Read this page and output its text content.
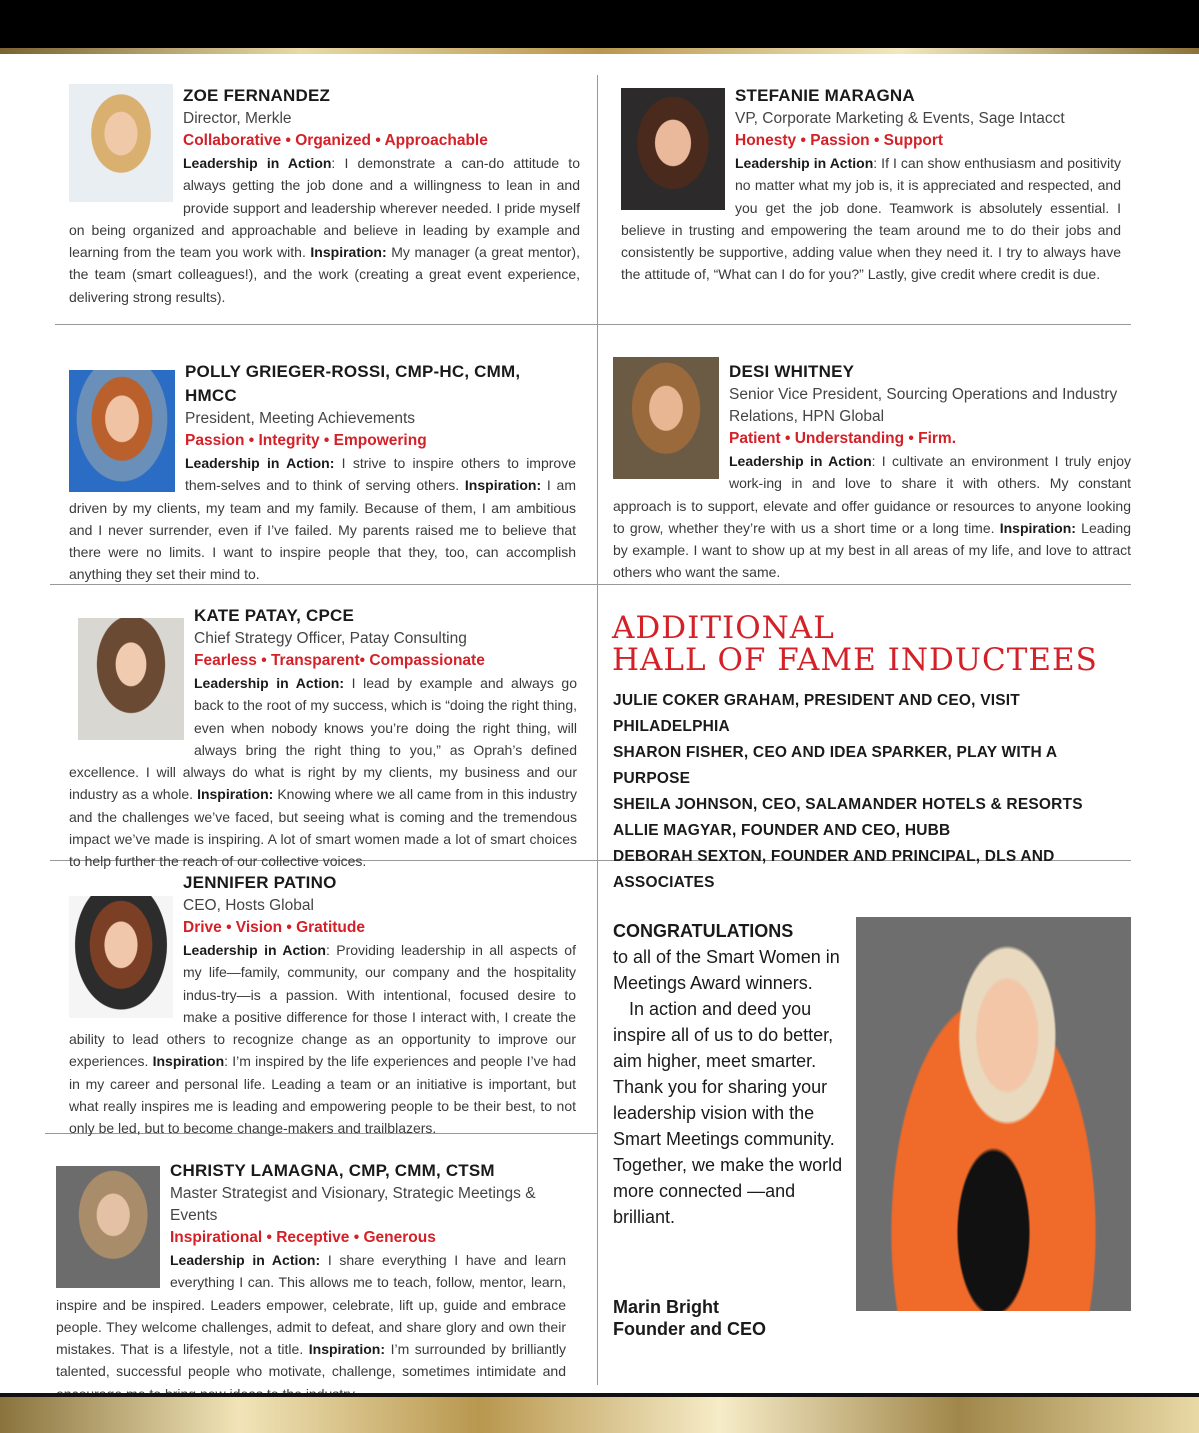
ZOE FERNANDEZ
Director, Merkle
Collaborative • Organized • Approachable
Leadership in Action: I demonstrate a can-do attitude to always getting the job done and a willingness to lean in and provide support and leadership wherever needed. I pride myself on being organized and approachable and believe in leading by example and learning from the team you work with. Inspiration: My manager (a great mentor), the team (smart colleagues!), and the work (creating a great event experience, delivering strong results).
STEFANIE MARAGNA
VP, Corporate Marketing & Events, Sage Intacct
Honesty • Passion • Support
Leadership in Action: If I can show enthusiasm and positivity no matter what my job is, it is appreciated and respected, and you get the job done. Teamwork is absolutely essential. I believe in trusting and empowering the team around me to do their jobs and consistently be supportive, adding value when they need it. I try to always have the attitude of, “What can I do for you?” Lastly, give credit where credit is due.
POLLY GRIEGER-ROSSI, CMP-HC, CMM, HMCC
President, Meeting Achievements
Passion • Integrity • Empowering
Leadership in Action: I strive to inspire others to improve them-selves and to think of serving others. Inspiration: I am driven by my clients, my team and my family. Because of them, I am ambitious and I never surrender, even if I’ve failed. My parents raised me to believe that there were no limits. I want to inspire people that they, too, can accomplish anything they set their mind to.
DESI WHITNEY
Senior Vice President, Sourcing Operations and Industry Relations, HPN Global
Patient • Understanding • Firm.
Leadership in Action: I cultivate an environment I truly enjoy work-ing in and love to share it with others. My constant approach is to support, elevate and offer guidance or resources to anyone looking to grow, whether they’re with us a short time or a long time. Inspiration: Leading by example. I want to show up at my best in all areas of my life, and love to attract others who want the same.
KATE PATAY, CPCE
Chief Strategy Officer, Patay Consulting
Fearless • Transparent• Compassionate
Leadership in Action: I lead by example and always go back to the root of my success, which is “doing the right thing, even when nobody knows you’re doing the right thing, will always bring the right thing to you,” as Oprah’s defined excellence. I will always do what is right by my clients, my business and our industry as a whole. Inspiration: Knowing where we all came from in this industry and the challenges we’ve faced, but seeing what is coming and the tremendous impact we’ve made is inspiring. A lot of smart women made a lot of smart choices to help further the reach of our collective voices.
JENNIFER PATINO
CEO, Hosts Global
Drive • Vision • Gratitude
Leadership in Action: Providing leadership in all aspects of my life—family, community, our company and the hospitality indus-try—is a passion. With intentional, focused desire to make a positive difference for those I interact with, I create the ability to lead others to recognize change as an opportunity to improve our experiences. Inspiration: I’m inspired by the life experiences and people I’ve had in my career and personal life. Leading a team or an initiative is important, but what really inspires me is leading and empowering people to be their best, to not only be led, but to become change-makers and trailblazers.
CHRISTY LAMAGNA, CMP, CMM, CTSM
Master Strategist and Visionary, Strategic Meetings & Events
Inspirational • Receptive • Generous
Leadership in Action: I share everything I have and learn everything I can. This allows me to teach, follow, mentor, learn, inspire and be inspired. Leaders empower, celebrate, lift up, guide and embrace people. They welcome challenges, admit to defeat, and share glory and own their mistakes. That is a lifestyle, not a title. Inspiration: I’m surrounded by brilliantly talented, successful people who motivate, challenge, sometimes intimidate and
ADDITIONAL
HALL OF FAME INDUCTEES
JULIE COKER GRAHAM, PRESIDENT AND CEO, VISIT PHILADELPHIA
SHARON FISHER, CEO AND IDEA SPARKER, PLAY WITH A PURPOSE
SHEILA JOHNSON, CEO, SALAMANDER HOTELS & RESORTS
ALLIE MAGYAR, FOUNDER AND CEO, HUBB
DEBORAH SEXTON, FOUNDER AND PRINCIPAL, DLS AND ASSOCIATES
CONGRATULATIONS
to all of the Smart Women in Meetings Award winners.
In action and deed you inspire all of us to do better, aim higher, meet smarter. Thank you for sharing your leadership vision with the Smart Meetings community. Together, we make the world more connected —and brilliant.
Marin Bright
Founder and CEO
